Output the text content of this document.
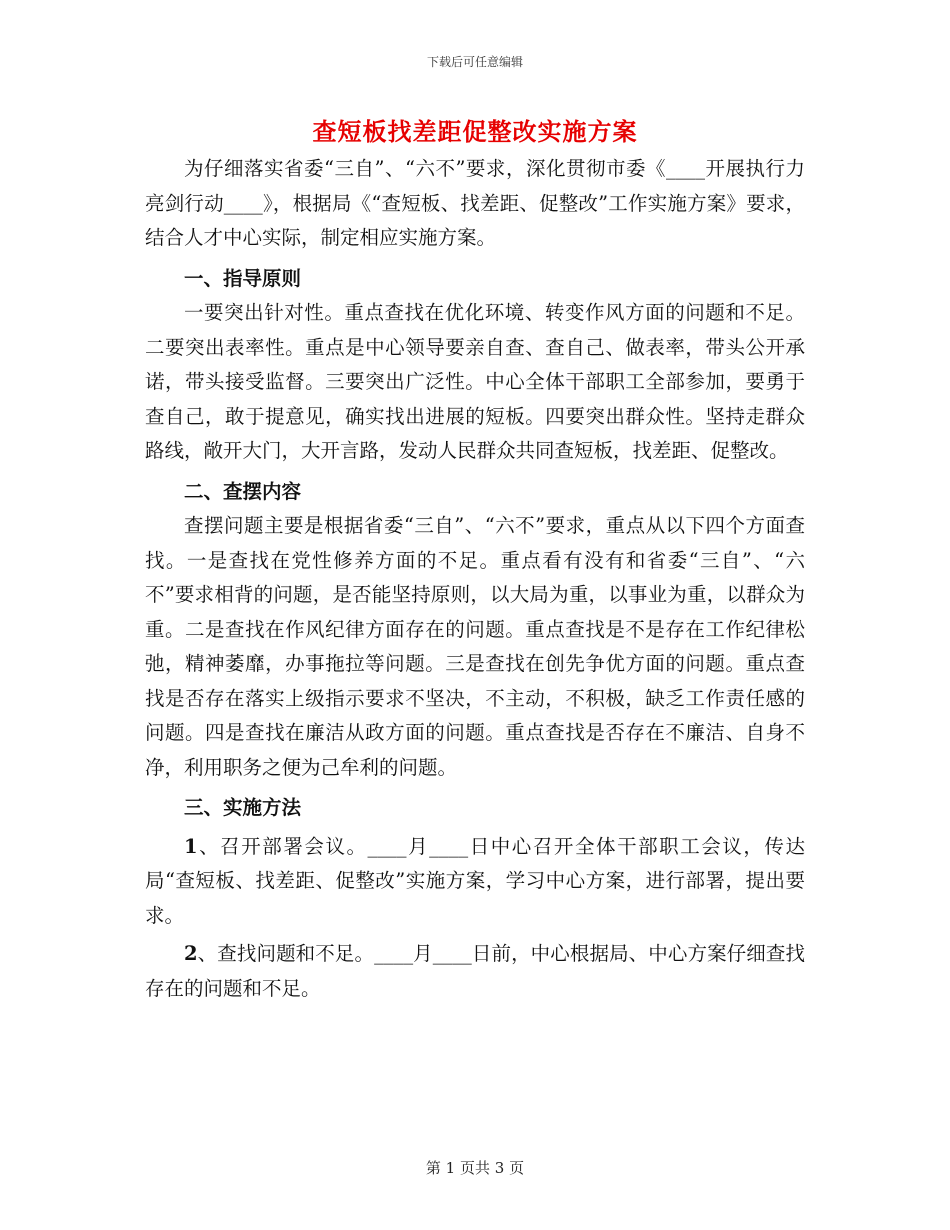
下载后可任意编辑
查短板找差距促整改实施方案

为仔细落实省委“三自”、“六不”要求，深化贯彻市委《____开展执行力亮剑行动____》，根据局《“查短板、找差距、促整改”工作实施方案》要求，结合人才中心实际，制定相应实施方案。

一、指导原则

一要突出针对性。重点查找在优化环境、转变作风方面的问题和不足。二要突出表率性。重点是中心领导要亲自查、查自己、做表率，带头公开承诺，带头接受监督。三要突出广泛性。中心全体干部职工全部参加，要勇于查自己，敢于提意见，确实找出进展的短板。四要突出群众性。坚持走群众路线，敞开大门，大开言路，发动人民群众共同查短板，找差距、促整改。

二、查摆内容

查摆问题主要是根据省委“三自”、“六不”要求，重点从以下四个方面查找。一是查找在党性修养方面的不足。重点看有没有和省委“三自”、“六不”要求相背的问题，是否能坚持原则，以大局为重，以事业为重，以群众为重。二是查找在作风纪律方面存在的问题。重点查找是不是存在工作纪律松弛，精神萎靡，办事拖拉等问题。三是查找在创先争优方面的问题。重点查找是否存在落实上级指示要求不坚决，不主动，不积极，缺乏工作责任感的问题。四是查找在廉洁从政方面的问题。重点查找是否存在不廉洁、自身不净，利用职务之便为己牟利的问题。

三、实施方法

1、召开部署会议。____月____日中心召开全体干部职工会议，传达局“查短板、找差距、促整改”实施方案，学习中心方案，进行部署，提出要求。

2、查找问题和不足。____月____日前，中心根据局、中心方案仔细查找存在的问题和不足。

第 1 页共 3 页
